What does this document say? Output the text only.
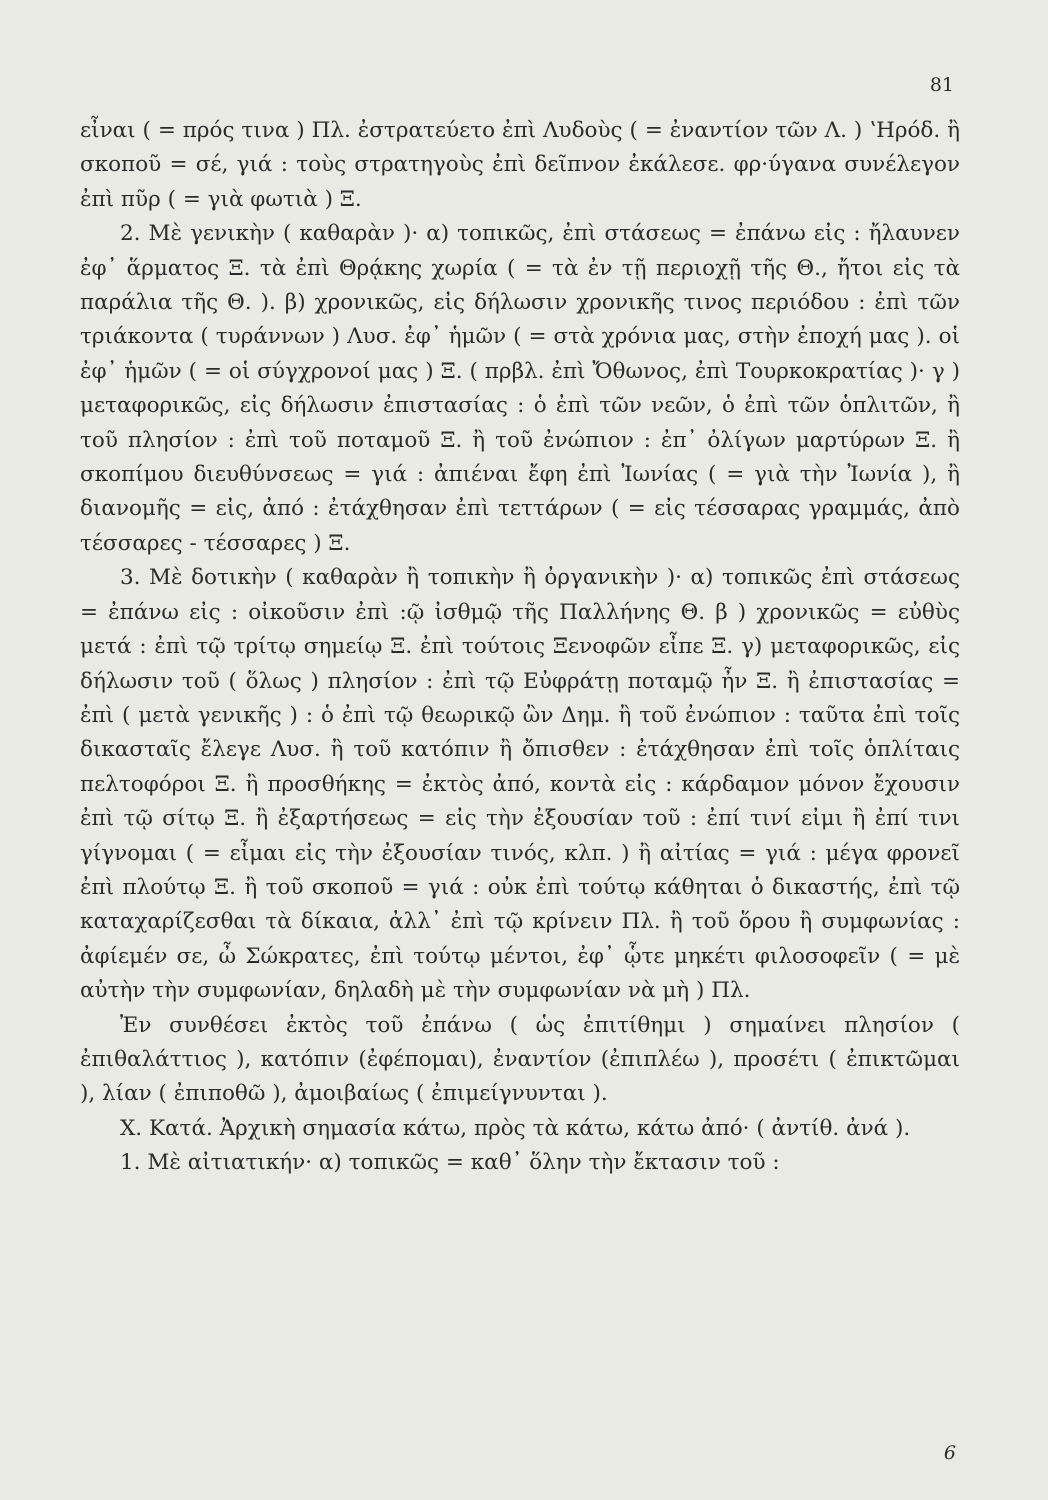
81

εἶναι ( = πρός τινα ) Πλ. ἐστρατεύετο ἐπὶ Λυδοὺς ( = ἐναντίον τῶν Λ. ) ʽΗρόδ. ἢ σκοποῦ = σέ, γιά : τοὺς στρατηγοὺς ἐπὶ δεῖπνον ἐκάλεσε. φρ·ύγανα συνέλεγον ἐπὶ πῦρ ( = γιὰ φωτιὰ ) Ξ.

2. Μὲ γενικὴν ( καθαρὰν )· α) τοπικῶς, ἐπὶ στάσεως = ἐπάνω εἰς : ἤλαυνεν ἐφ᾽ ἅρματος Ξ. τὰ ἐπὶ Θρᾴκης χωρία ( = τὰ ἐν τῇ περιοχῇ τῆς Θ., ἤτοι εἰς τὰ παράλια τῆς Θ. ). β) χρονικῶς, εἰς δήλωσιν χρονικῆς τινος περιόδου : ἐπὶ τῶν τριάκοντα ( τυράννων ) Λυσ. ἐφ᾽ ἡμῶν ( = στὰ χρόνια μας, στὴν ἐποχή μας ). οἱ ἐφ᾽ ἡμῶν ( = οἱ σύγχρονοί μας ) Ξ. ( πρβλ. ἐπὶ Ὄθωνος, ἐπὶ Τουρκοκρατίας )· γ ) μεταφορικῶς, εἰς δήλωσιν ἐπιστασίας : ὁ ἐπὶ τῶν νεῶν, ὁ ἐπὶ τῶν ὁπλιτῶν, ἢ τοῦ πλησίον : ἐπὶ τοῦ ποταμοῦ Ξ. ἢ τοῦ ἐνώπιον : ἐπ᾽ ὀλίγων μαρτύρων Ξ. ἢ σκοπίμου διευθύνσεως = γιά : ἀπιέναι ἔφη ἐπὶ Ἰωνίας ( = γιὰ τὴν Ἰωνία ), ἢ διανομῆς = εἰς, ἀπό : ἐτάχθησαν ἐπὶ τεττάρων ( = εἰς τέσσαρας γραμμάς, ἀπὸ τέσσαρες - τέσσαρες ) Ξ.

3. Μὲ δοτικὴν ( καθαρὰν ἢ τοπικὴν ἢ ὀργανικὴν )· α) τοπικῶς ἐπὶ στάσεως = ἐπάνω εἰς : οἰκοῦσιν ἐπὶ :ῷ ἰσθμῷ τῆς Παλλήνης Θ. β ) χρονικῶς = εὐθὺς μετά : ἐπὶ τῷ τρίτῳ σημείῳ Ξ. ἐπὶ τούτοις Ξενοφῶν εἶπε Ξ. γ) μεταφορικῶς, εἰς δήλωσιν τοῦ ( ὅλως ) πλησίον : ἐπὶ τῷ Εὐφράτῃ ποταμῷ ἦν Ξ. ἢ ἐπιστασίας = ἐπὶ ( μετὰ γενικῆς ) : ὁ ἐπὶ τῷ θεωρικῷ ὢν Δημ. ἢ τοῦ ἐνώπιον : ταῦτα ἐπὶ τοῖς δικασταῖς ἔλεγε Λυσ. ἢ τοῦ κατόπιν ἢ ὄπισθεν : ἐτάχθησαν ἐπὶ τοῖς ὁπλίταις πελτοφόροι Ξ. ἢ προσθήκης = ἐκτὸς ἀπό, κοντὰ εἰς : κάρδαμον μόνον ἔχουσιν ἐπὶ τῷ σίτῳ Ξ. ἢ ἐξαρτήσεως = εἰς τὴν ἐξουσίαν τοῦ : ἐπί τινί εἰμι ἢ ἐπί τινι γίγνομαι ( = εἶμαι εἰς τὴν ἐξουσίαν τινός, κλπ. ) ἢ αἰτίας = γιά : μέγα φρονεῖ ἐπὶ πλούτῳ Ξ. ἢ τοῦ σκοποῦ = γιά : οὐκ ἐπὶ τούτῳ κάθηται ὁ δικαστής, ἐπὶ τῷ καταχαρίζεσθαι τὰ δίκαια, ἀλλ᾽ ἐπὶ τῷ κρίνειν Πλ. ἢ τοῦ ὅρου ἢ συμφωνίας : ἀφίεμέν σε, ὦ Σώκρατες, ἐπὶ τούτῳ μέντοι, ἐφ᾽ ᾧτε μηκέτι φιλοσοφεῖν ( = μὲ αὐτὴν τὴν συμφωνίαν, δηλαδὴ μὲ τὴν συμφωνίαν νὰ μὴ ) Πλ.

Ἐν συνθέσει ἐκτὸς τοῦ ἐπάνω ( ὡς ἐπιτίθημι ) σημαίνει πλησίον ( ἐπιθαλάττιος ), κατόπιν (ἐφέπομαι), ἐναντίον (ἐπιπλέω ), προσέτι ( ἐπικτῶμαι ), λίαν ( ἐπιποθῶ ), ἀμοιβαίως ( ἐπιμείγνυνται ).

Χ. Κατά. Ἀρχικὴ σημασία κάτω, πρὸς τὰ κάτω, κάτω ἀπό· ( ἀντίθ. ἀνά ).

1. Μὲ αἰτιατικήν· α) τοπικῶς = καθ᾽ ὅλην τὴν ἔκτασιν τοῦ :

6
